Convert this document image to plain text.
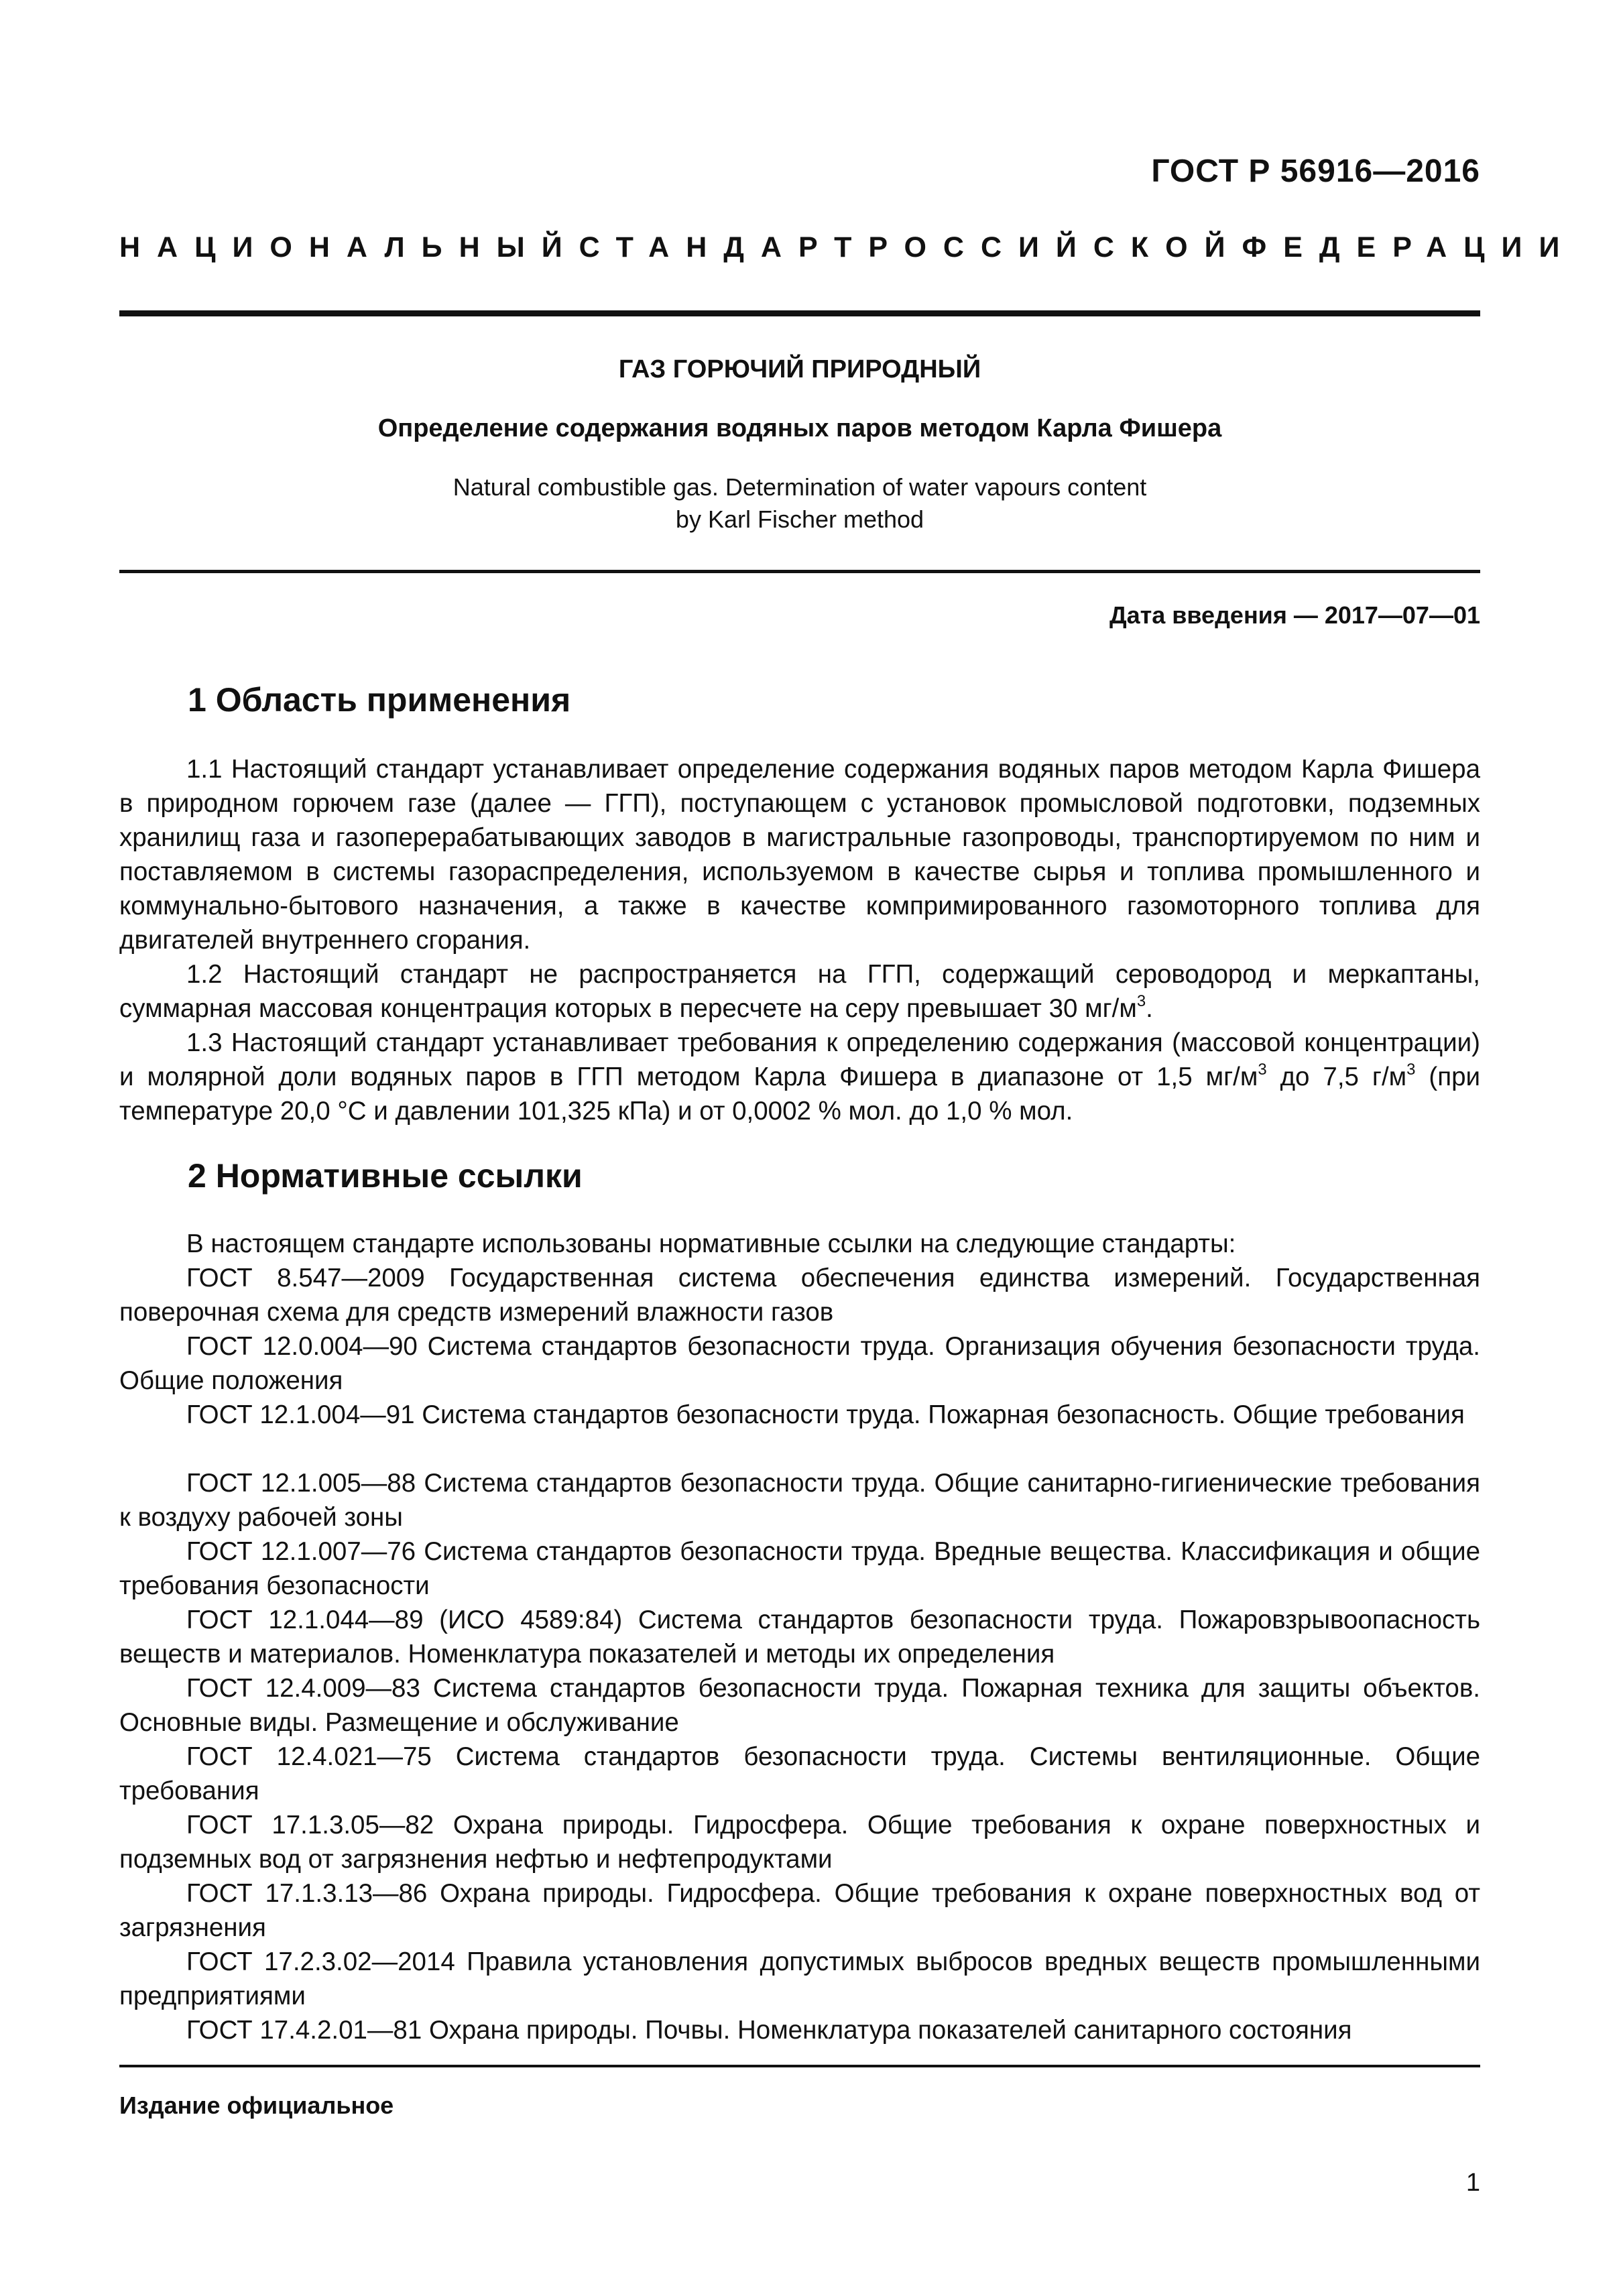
ГОСТ Р 56916—2016
НАЦИОНАЛЬНЫЙ СТАНДАРТ РОССИЙСКОЙ ФЕДЕРАЦИИ
ГАЗ ГОРЮЧИЙ ПРИРОДНЫЙ
Определение содержания водяных паров методом Карла Фишера
Natural combustible gas. Determination of water vapours content
by Karl Fischer method
Дата введения — 2017—07—01
1 Область применения
1.1 Настоящий стандарт устанавливает определение содержания водяных паров методом Карла Фишера в природном горючем газе (далее — ГГП), поступающем с установок промысловой подготовки, подземных хранилищ газа и газоперерабатывающих заводов в магистральные газопроводы, транспортируемом по ним и поставляемом в системы газораспределения, используемом в качестве сырья и топлива промышленного и коммунально-бытового назначения, а также в качестве компримированного газомоторного топлива для двигателей внутреннего сгорания.
1.2 Настоящий стандарт не распространяется на ГГП, содержащий сероводород и меркаптаны, суммарная массовая концентрация которых в пересчете на серу превышает 30 $мг/м^3$.
1.3 Настоящий стандарт устанавливает требования к определению содержания (массовой концентрации) и молярной доли водяных паров в ГГП методом Карла Фишера в диапазоне от 1,5 $мг/м^3$ до 7,5 $г/м^3$ (при температуре 20,0 °С и давлении 101,325 кПа) и от 0,0002 % мол. до 1,0 % мол.
2 Нормативные ссылки
В настоящем стандарте использованы нормативные ссылки на следующие стандарты:
ГОСТ 8.547—2009 Государственная система обеспечения единства измерений. Государственная поверочная схема для средств измерений влажности газов
ГОСТ 12.0.004—90 Система стандартов безопасности труда. Организация обучения безопасности труда. Общие положения
ГОСТ 12.1.004—91 Система стандартов безопасности труда. Пожарная безопасность. Общие требования
ГОСТ 12.1.005—88 Система стандартов безопасности труда. Общие санитарно-гигиенические требования к воздуху рабочей зоны
ГОСТ 12.1.007—76 Система стандартов безопасности труда. Вредные вещества. Классификация и общие требования безопасности
ГОСТ 12.1.044—89 (ИСО 4589:84) Система стандартов безопасности труда. Пожаровзрывоопасность веществ и материалов. Номенклатура показателей и методы их определения
ГОСТ 12.4.009—83 Система стандартов безопасности труда. Пожарная техника для защиты объектов. Основные виды. Размещение и обслуживание
ГОСТ 12.4.021—75 Система стандартов безопасности труда. Системы вентиляционные. Общие требования
ГОСТ 17.1.3.05—82 Охрана природы. Гидросфера. Общие требования к охране поверхностных и подземных вод от загрязнения нефтью и нефтепродуктами
ГОСТ 17.1.3.13—86 Охрана природы. Гидросфера. Общие требования к охране поверхностных вод от загрязнения
ГОСТ 17.2.3.02—2014 Правила установления допустимых выбросов вредных веществ промышленными предприятиями
ГОСТ 17.4.2.01—81 Охрана природы. Почвы. Номенклатура показателей санитарного состояния
Издание официальное
1
